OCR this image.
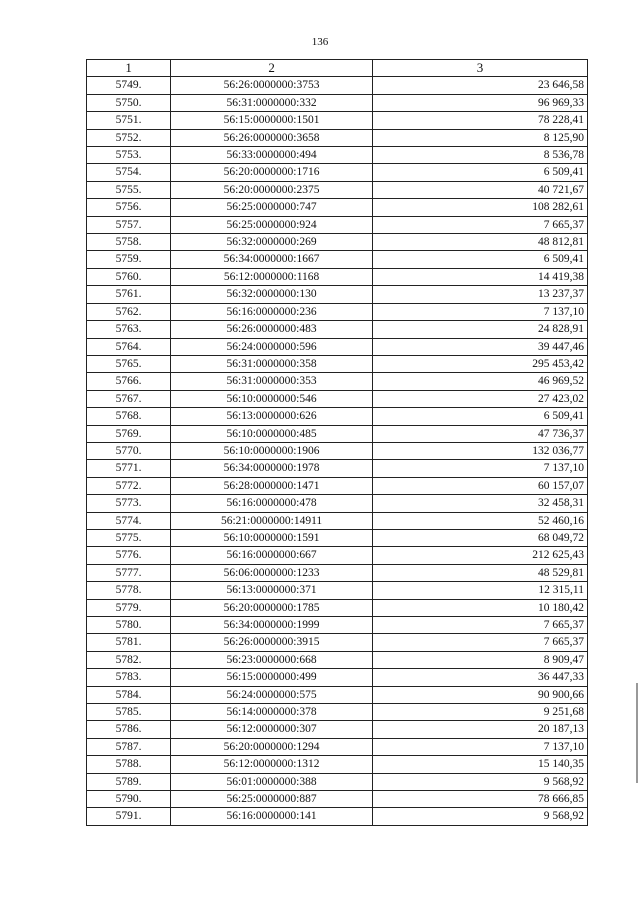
136
1	2	3
5749.	56:26:0000000:3753	23 646,58
5750.	56:31:0000000:332	96 969,33
5751.	56:15:0000000:1501	78 228,41
5752.	56:26:0000000:3658	8 125,90
5753.	56:33:0000000:494	8 536,78
5754.	56:20:0000000:1716	6 509,41
5755.	56:20:0000000:2375	40 721,67
5756.	56:25:0000000:747	108 282,61
5757.	56:25:0000000:924	7 665,37
5758.	56:32:0000000:269	48 812,81
5759.	56:34:0000000:1667	6 509,41
5760.	56:12:0000000:1168	14 419,38
5761.	56:32:0000000:130	13 237,37
5762.	56:16:0000000:236	7 137,10
5763.	56:26:0000000:483	24 828,91
5764.	56:24:0000000:596	39 447,46
5765.	56:31:0000000:358	295 453,42
5766.	56:31:0000000:353	46 969,52
5767.	56:10:0000000:546	27 423,02
5768.	56:13:0000000:626	6 509,41
5769.	56:10:0000000:485	47 736,37
5770.	56:10:0000000:1906	132 036,77
5771.	56:34:0000000:1978	7 137,10
5772.	56:28:0000000:1471	60 157,07
5773.	56:16:0000000:478	32 458,31
5774.	56:21:0000000:14911	52 460,16
5775.	56:10:0000000:1591	68 049,72
5776.	56:16:0000000:667	212 625,43
5777.	56:06:0000000:1233	48 529,81
5778.	56:13:0000000:371	12 315,11
5779.	56:20:0000000:1785	10 180,42
5780.	56:34:0000000:1999	7 665,37
5781.	56:26:0000000:3915	7 665,37
5782.	56:23:0000000:668	8 909,47
5783.	56:15:0000000:499	36 447,33
5784.	56:24:0000000:575	90 900,66
5785.	56:14:0000000:378	9 251,68
5786.	56:12:0000000:307	20 187,13
5787.	56:20:0000000:1294	7 137,10
5788.	56:12:0000000:1312	15 140,35
5789.	56:01:0000000:388	9 568,92
5790.	56:25:0000000:887	78 666,85
5791.	56:16:0000000:141	9 568,92
